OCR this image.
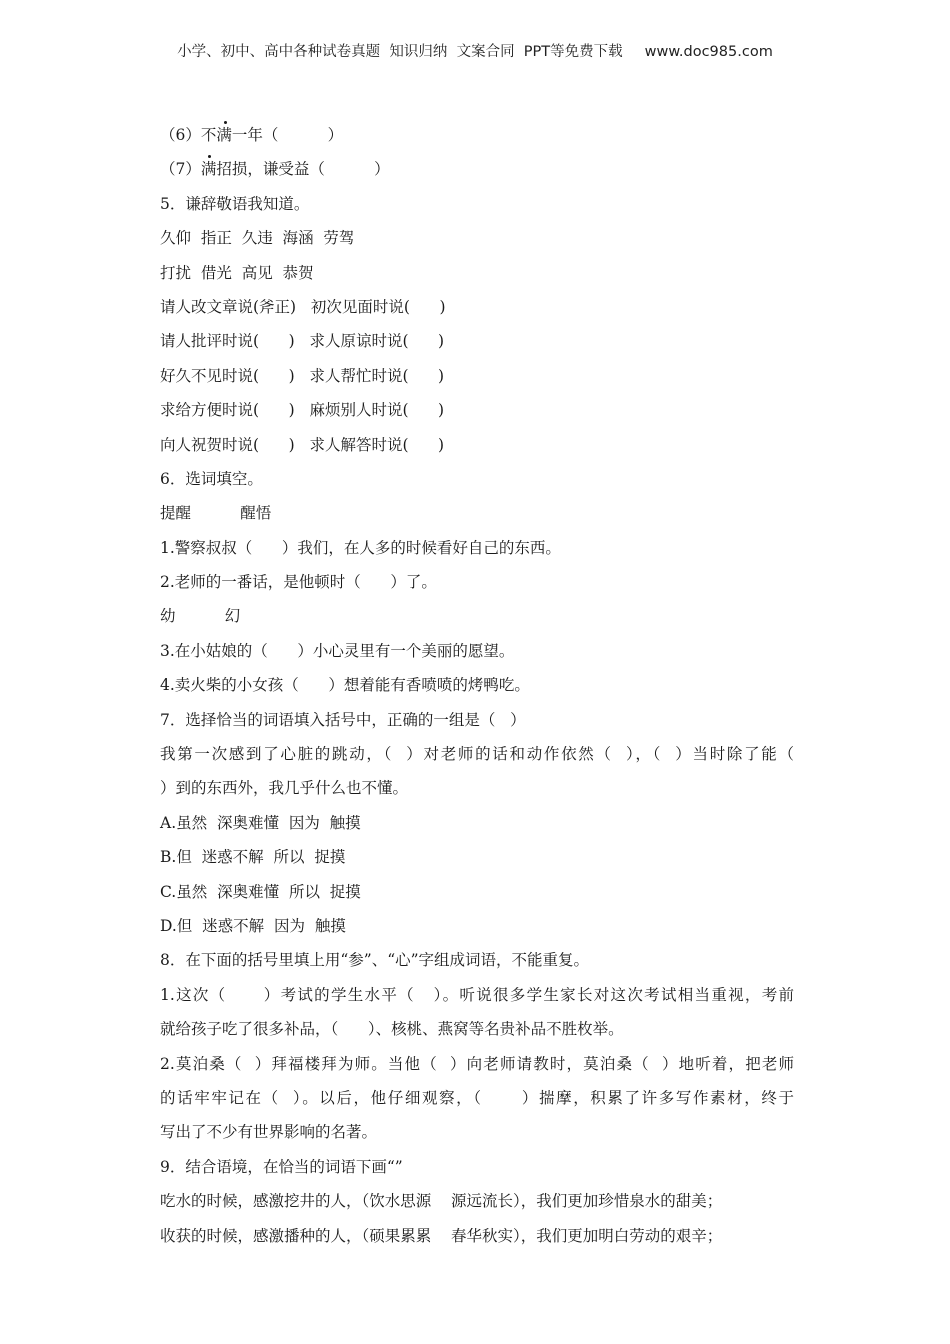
小学、初中、高中各种试卷真题  知识归纳  文案合同  PPT等免费下载 www.doc985.com
（6）不满一年（          ）
（7）满招损，谦受益（          ）
5．谦辞敬语我知道。
久仰  指正  久违  海涵  劳驾
打扰  借光  高见  恭贺
请人改文章说(斧正)   初次见面时说(      )
请人批评时说(      )   求人原谅时说(      )
好久不见时说(      )   求人帮忙时说(      )
求给方便时说(      )   麻烦别人时说(      )
向人祝贺时说(      )   求人解答时说(      )
6．选词填空。
提醒          醒悟
1.警察叔叔（      ）我们，在人多的时候看好自己的东西。
2.老师的一番话，是他顿时（      ）了。
幼          幻
3.在小姑娘的（      ）小心灵里有一个美丽的愿望。
4.卖火柴的小女孩（      ）想着能有香喷喷的烤鸭吃。
7．选择恰当的词语填入括号中，正确的一组是（   ）
我第一次感到了心脏的跳动，（  ）对老师的话和动作依然（  ），（  ）当时除了能（
）到的东西外，我几乎什么也不懂。
A.虽然  深奥难懂  因为  触摸
B.但  迷惑不解  所以  捉摸
C.虽然  深奥难懂  所以  捉摸
D.但  迷惑不解  因为  触摸
8．在下面的括号里填上用“参”、“心”字组成词语，不能重复。
1.这次（      ）考试的学生水平（   ）。听说很多学生家长对这次考试相当重视，考前
就给孩子吃了很多补品，（      ）、核桃、燕窝等名贵补品不胜枚举。
2.莫泊桑（  ）拜福楼拜为师。当他（  ）向老师请教时，莫泊桑（  ）地听着，把老师
的话牢牢记在（  ）。以后，他仔细观察，（      ）揣摩，积累了许多写作素材，终于
写出了不少有世界影响的名著。
9．结合语境，在恰当的词语下画“”
吃水的时候，感激挖井的人，（饮水思源    源远流长），我们更加珍惜泉水的甜美；
收获的时候，感激播种的人，（硕果累累    春华秋实），我们更加明白劳动的艰辛；
